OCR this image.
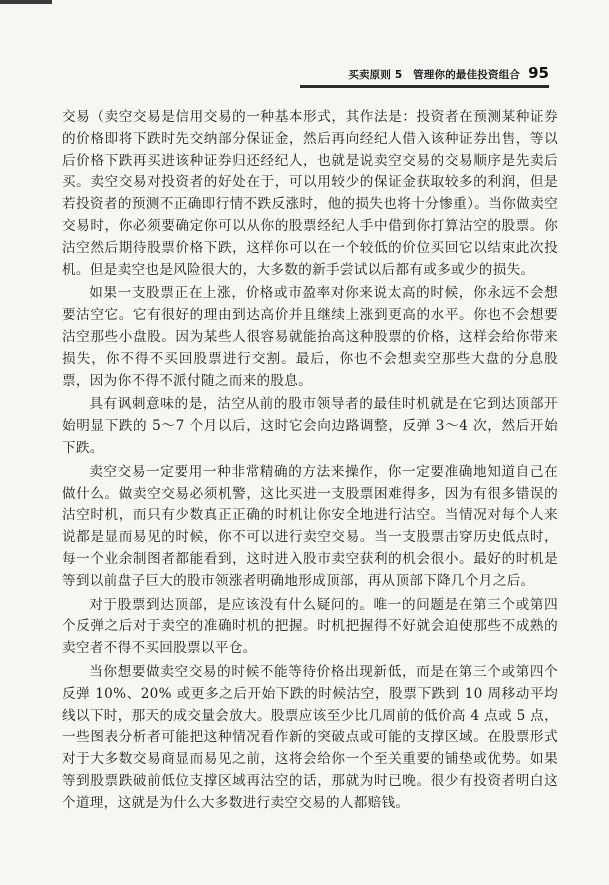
买卖原则 5　管理你的最佳投资组合 95

交易（卖空交易是信用交易的一种基本形式，其作法是：投资者在预测某种证券的价格即将下跌时先交纳部分保证金，然后再向经纪人借入该种证券出售，等以后价格下跌再买进该种证券归还经纪人，也就是说卖空交易的交易顺序是先卖后买。卖空交易对投资者的好处在于，可以用较少的保证金获取较多的利润，但是若投资者的预测不正确即行情不跌反涨时，他的损失也将十分惨重）。当你做卖空交易时，你必须要确定你可以从你的股票经纪人手中借到你打算沽空的股票。你沽空然后期待股票价格下跌，这样你可以在一个较低的价位买回它以结束此次投机。但是卖空也是风险很大的，大多数的新手尝试以后都有或多或少的损失。

如果一支股票正在上涨，价格或市盈率对你来说太高的时候，你永远不会想要沽空它。它有很好的理由到达高价并且继续上涨到更高的水平。你也不会想要沽空那些小盘股。因为某些人很容易就能抬高这种股票的价格，这样会给你带来损失，你不得不买回股票进行交割。最后，你也不会想卖空那些大盘的分息股票，因为你不得不派付随之而来的股息。

具有讽刺意味的是，沽空从前的股市领导者的最佳时机就是在它到达顶部开始明显下跌的 5～7 个月以后，这时它会向边路调整，反弹 3～4 次，然后开始下跌。

卖空交易一定要用一种非常精确的方法来操作，你一定要准确地知道自己在做什么。做卖空交易必须机警，这比买进一支股票困难得多，因为有很多错误的沽空时机，而只有少数真正正确的时机让你安全地进行沽空。当情况对每个人来说都是显而易见的时候，你不可以进行卖空交易。当一支股票击穿历史低点时，每一个业余制图者都能看到，这时进入股市卖空获利的机会很小。最好的时机是等到以前盘子巨大的股市领涨者明确地形成顶部，再从顶部下降几个月之后。

对于股票到达顶部，是应该没有什么疑问的。唯一的问题是在第三个或第四个反弹之后对于卖空的准确时机的把握。时机把握得不好就会迫使那些不成熟的卖空者不得不买回股票以平仓。

当你想要做卖空交易的时候不能等待价格出现新低，而是在第三个或第四个反弹 10%、20% 或更多之后开始下跌的时候沽空，股票下跌到 10 周移动平均线以下时，那天的成交量会放大。股票应该至少比几周前的低价高 4 点或 5 点，一些图表分析者可能把这种情况看作新的突破点或可能的支撑区域。在股票形式对于大多数交易商显而易见之前，这将会给你一个至关重要的铺垫或优势。如果等到股票跌破前低位支撑区域再沽空的话，那就为时已晚。很少有投资者明白这个道理，这就是为什么大多数进行卖空交易的人都赔钱。
